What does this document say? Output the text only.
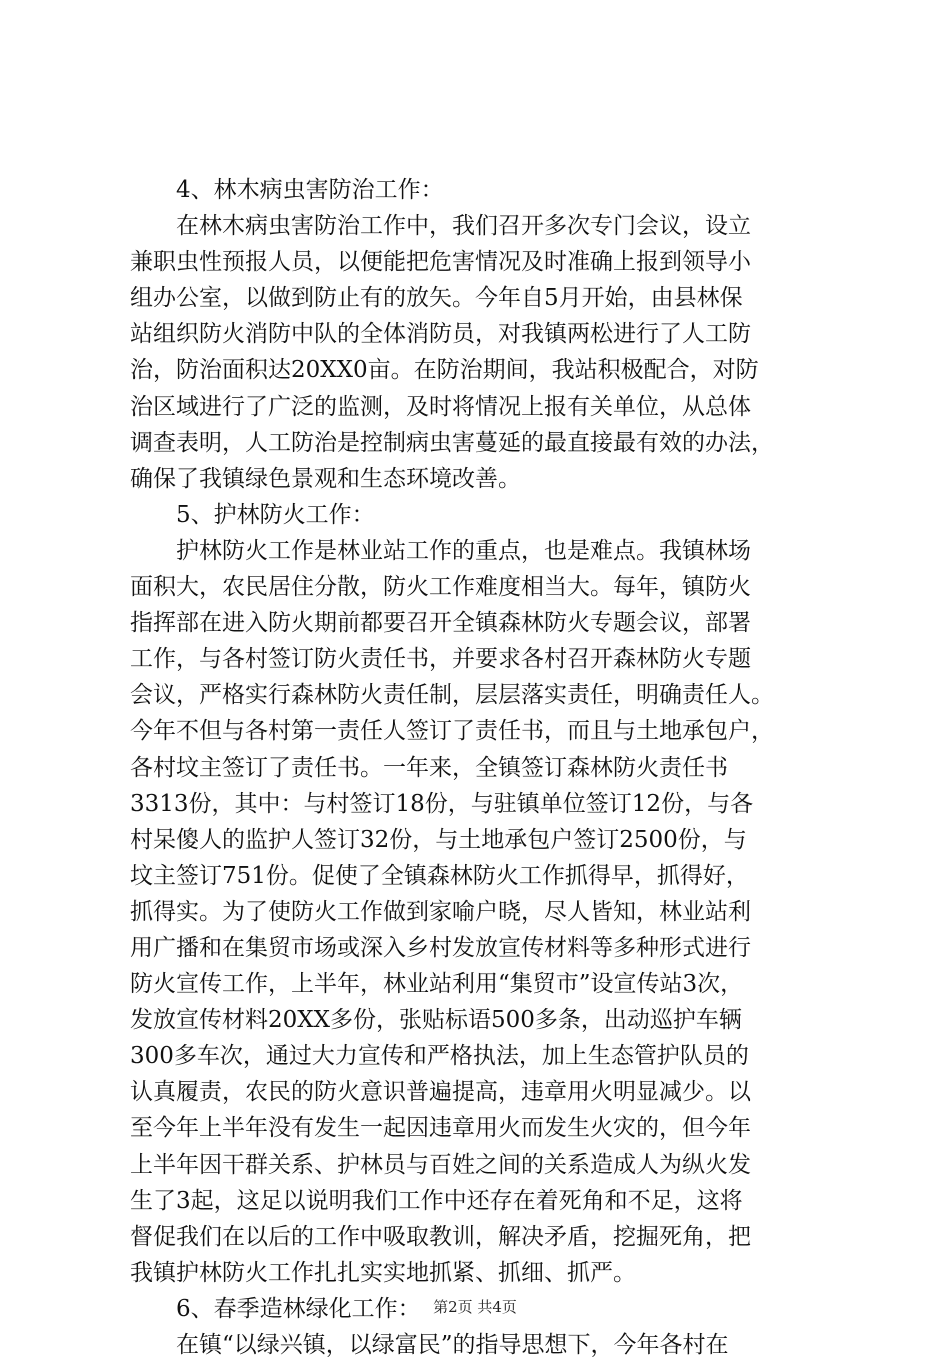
4、林木病虫害防治工作：
在林木病虫害防治工作中，我们召开多次专门会议，设立
兼职虫性预报人员，以便能把危害情况及时准确上报到领导小
组办公室，以做到防止有的放矢。今年自5月开始，由县林保
站组织防火消防中队的全体消防员，对我镇两松进行了人工防
治，防治面积达20XX0亩。在防治期间，我站积极配合，对防
治区域进行了广泛的监测，及时将情况上报有关单位，从总体
调查表明，人工防治是控制病虫害蔓延的最直接最有效的办法，
确保了我镇绿色景观和生态环境改善。
5、护林防火工作：
护林防火工作是林业站工作的重点，也是难点。我镇林场
面积大，农民居住分散，防火工作难度相当大。每年，镇防火
指挥部在进入防火期前都要召开全镇森林防火专题会议，部署
工作，与各村签订防火责任书，并要求各村召开森林防火专题
会议，严格实行森林防火责任制，层层落实责任，明确责任人。
今年不但与各村第一责任人签订了责任书，而且与土地承包户，
各村坟主签订了责任书。一年来，全镇签订森林防火责任书
3313份，其中：与村签订18份，与驻镇单位签订12份，与各
村呆傻人的监护人签订32份，与土地承包户签订2500份，与
坟主签订751份。促使了全镇森林防火工作抓得早，抓得好，
抓得实。为了使防火工作做到家喻户晓，尽人皆知，林业站利
用广播和在集贸市场或深入乡村发放宣传材料等多种形式进行
防火宣传工作，上半年，林业站利用“集贸市”设宣传站3次，
发放宣传材料20XX多份，张贴标语500多条，出动巡护车辆
300多车次，通过大力宣传和严格执法，加上生态管护队员的
认真履责，农民的防火意识普遍提高，违章用火明显减少。以
至今年上半年没有发生一起因违章用火而发生火灾的，但今年
上半年因干群关系、护林员与百姓之间的关系造成人为纵火发
生了3起，这足以说明我们工作中还存在着死角和不足，这将
督促我们在以后的工作中吸取教训，解决矛盾，挖掘死角，把
我镇护林防火工作扎扎实实地抓紧、抓细、抓严。
6、春季造林绿化工作：
在镇“以绿兴镇，以绿富民”的指导思想下，今年各村在
第2页 共4页
